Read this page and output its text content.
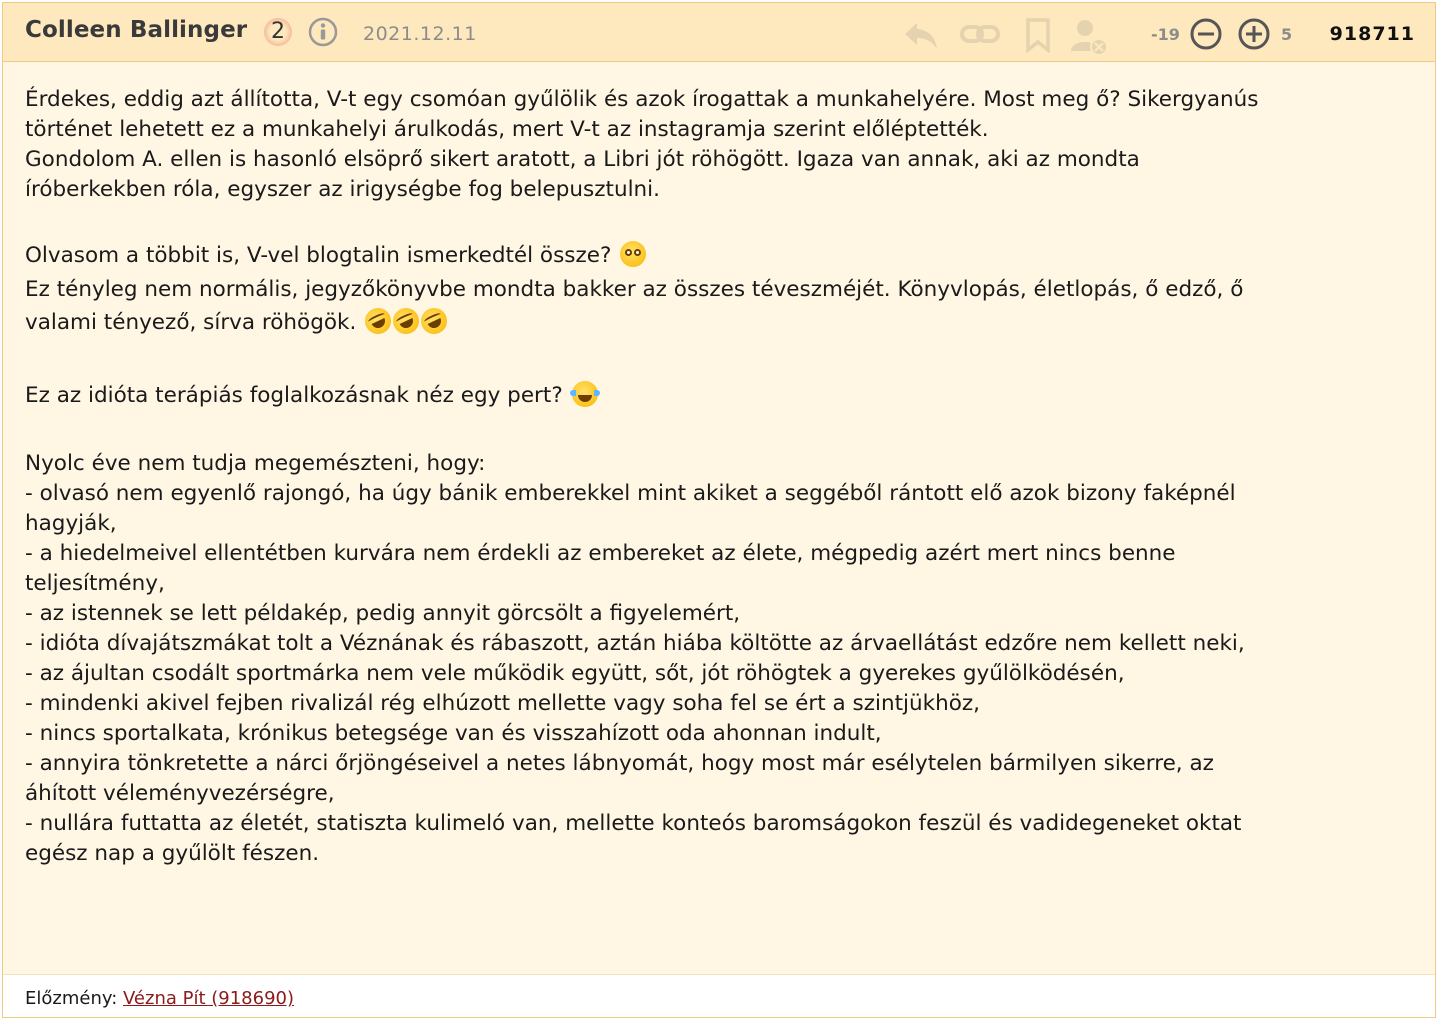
Colleen Ballinger	2	2021.12.11	-19	5 918711
Érdekes, eddig azt állította, V-t egy csomóan gyűlölik és azok írogattak a munkahelyére. Most meg ő? Sikergyanús
történet lehetett ez a munkahelyi árulkodás, mert V-t az instagramja szerint előléptették.
Gondolom A. ellen is hasonló elsöprő sikert aratott, a Libri jót röhögött. Igaza van annak, aki az mondta
íróberkekben róla, egyszer az irigységbe fog belepusztulni.
Olvasom a többit is, V-vel blogtalin ismerkedtél össze?
Ez tényleg nem normális, jegyzőkönyvbe mondta bakker az összes téveszméjét. Könyvlopás, életlopás, ő edző, ő
valami tényező, sírva röhögök.
Ez az idióta terápiás foglalkozásnak néz egy pert?
Nyolc éve nem tudja megemészteni, hogy:
- olvasó nem egyenlő rajongó, ha úgy bánik emberekkel mint akiket a seggéből rántott elő azok bizony faképnél
hagyják,
- a hiedelmeivel ellentétben kurvára nem érdekli az embereket az élete, mégpedig azért mert nincs benne
teljesítmény,
- az istennek se lett példakép, pedig annyit görcsölt a figyelemért,
- idióta dívajátszmákat tolt a Véznának és rábaszott, aztán hiába költötte az árvaellátást edzőre nem kellett neki,
- az ájultan csodált sportmárka nem vele működik együtt, sőt, jót röhögtek a gyerekes gyűlölködésén,
- mindenki akivel fejben rivalizál rég elhúzott mellette vagy soha fel se ért a szintjükhöz,
- nincs sportalkata, krónikus betegsége van és visszahízott oda ahonnan indult,
- annyira tönkretette a nárci őrjöngéseivel a netes lábnyomát, hogy most már esélytelen bármilyen sikerre, az
áhított véleményvezérségre,
- nullára futtatta az életét, statiszta kulimeló van, mellette konteós baromságokon feszül és vadidegeneket oktat
egész nap a gyűlölt fészen.
Előzmény: Vézna Pít (918690)
